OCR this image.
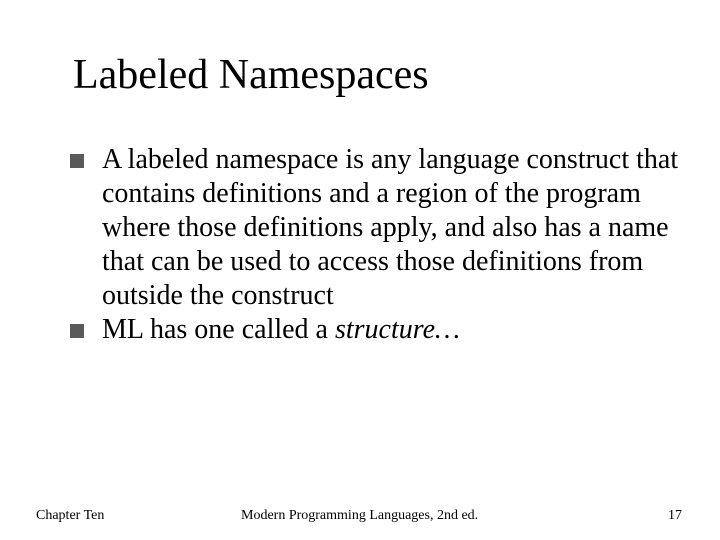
Labeled Namespaces
A labeled namespace is any language construct that contains definitions and a region of the program where those definitions apply, and also has a name that can be used to access those definitions from outside the construct
ML has one called a structure…
Chapter Ten	Modern Programming Languages, 2nd ed.	17
